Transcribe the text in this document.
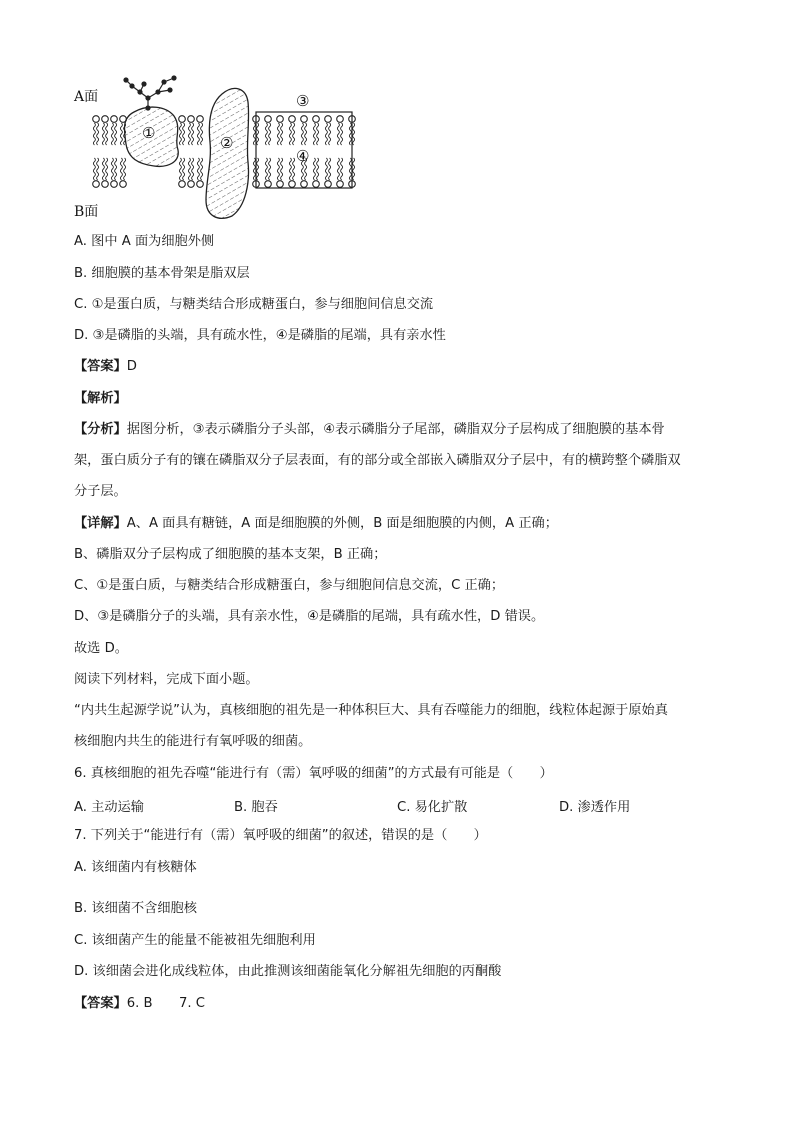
A面
B面
①
②
③
④
A. 图中 A 面为细胞外侧
B. 细胞膜的基本骨架是脂双层
C. ①是蛋白质，与糖类结合形成糖蛋白，参与细胞间信息交流
D. ③是磷脂的头端，具有疏水性，④是磷脂的尾端，具有亲水性
【答案】D
【解析】
【分析】据图分析，③表示磷脂分子头部，④表示磷脂分子尾部，磷脂双分子层构成了细胞膜的基本骨
架，蛋白质分子有的镶在磷脂双分子层表面，有的部分或全部嵌入磷脂双分子层中，有的横跨整个磷脂双
分子层。
【详解】A、A 面具有糖链，A 面是细胞膜的外侧，B 面是细胞膜的内侧，A 正确；
B、磷脂双分子层构成了细胞膜的基本支架，B 正确；
C、①是蛋白质，与糖类结合形成糖蛋白，参与细胞间信息交流，C 正确；
D、③是磷脂分子的头端，具有亲水性，④是磷脂的尾端，具有疏水性，D 错误。
故选 D。
阅读下列材料，完成下面小题。
“内共生起源学说”认为，真核细胞的祖先是一种体积巨大、具有吞噬能力的细胞，线粒体起源于原始真
核细胞内共生的能进行有氧呼吸的细菌。
6. 真核细胞的祖先吞噬“能进行有（需）氧呼吸的细菌”的方式最有可能是（　　）
A. 主动运输	B. 胞吞	C. 易化扩散	D. 渗透作用
7. 下列关于“能进行有（需）氧呼吸的细菌”的叙述，错误的是（　　）
A. 该细菌内有核糖体
B. 该细菌不含细胞核
C. 该细菌产生的能量不能被祖先细胞利用
D. 该细菌会进化成线粒体，由此推测该细菌能氧化分解祖先细胞的丙酮酸
【答案】6. B　　7. C
